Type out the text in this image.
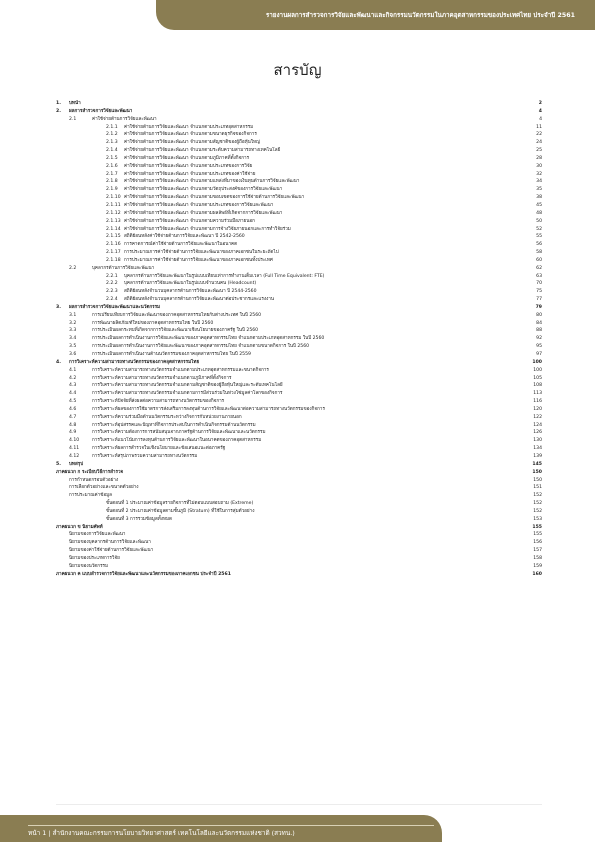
รายงานผลการสำรวจการวิจัยและพัฒนาและกิจกรรมนวัตกรรมในภาคอุตสาหกรรมของประเทศไทย ประจำปี 2561
สารบัญ
1. บทนำ	2
2. ผลการสำรวจการวิจัยและพัฒนา	4
2.1	ค่าใช้จ่ายด้านการวิจัยและพัฒนา	4
2.1.1 ค่าใช้จ่ายด้านการวิจัยและพัฒนา จำแนกตามประเภทอุตสาหกรรม	11
2.1.2 ค่าใช้จ่ายด้านการวิจัยและพัฒนา จำแนกตามขนาดธุรกิจของกิจการ	22
2.1.3 ค่าใช้จ่ายด้านการวิจัยและพัฒนา จำแนกตามสัญชาติของผู้ถือหุ้นใหญ่	24
2.1.4 ค่าใช้จ่ายด้านการวิจัยและพัฒนา จำแนกตามระดับความสามารถทางเทคโนโลยี	25
2.1.5 ค่าใช้จ่ายด้านการวิจัยและพัฒนา จำแนกตามภูมิภาคที่ตั้งกิจการ	28
2.1.6 ค่าใช้จ่ายด้านการวิจัยและพัฒนา จำแนกตามประเภทของการวิจัย	30
2.1.7 ค่าใช้จ่ายด้านการวิจัยและพัฒนา จำแนกตามประเภทของค่าใช้จ่าย	32
2.1.8 ค่าใช้จ่ายด้านการวิจัยและพัฒนา จำแนกตามแหล่งที่มาของเงินทุนด้านการวิจัยและพัฒนา	34
2.1.9 ค่าใช้จ่ายด้านการวิจัยและพัฒนา จำแนกตามวัตถุประสงค์ของการวิจัยและพัฒนา	35
2.1.10 ค่าใช้จ่ายด้านการวิจัยและพัฒนา จำแนกตามขอบเขตของการใช้จ่ายด้านการวิจัยและพัฒนา	38
2.1.11 ค่าใช้จ่ายด้านการวิจัยและพัฒนา จำแนกตามประเภทของการวิจัยและพัฒนา	45
2.1.12 ค่าใช้จ่ายด้านการวิจัยและพัฒนา จำแนกตามผลลัพธ์ที่เกิดจากการวิจัยและพัฒนา	48
2.1.13 ค่าใช้จ่ายด้านการวิจัยและพัฒนา จำแนกตามความร่วมมือภายนอก	50
2.1.14 ค่าใช้จ่ายด้านการวิจัยและพัฒนา จำแนกตามการจ้างวิจัยภายนอกและการทำวิจัยร่วม	52
2.1.15 สถิติย้อนหลังค่าใช้จ่ายด้านการวิจัยและพัฒนา ปี 2542-2560	55
2.1.16 การคาดการณ์ค่าใช้จ่ายด้านการวิจัยและพัฒนาในอนาคต	56
2.1.17 การประมาณการค่าใช้จ่ายด้านการวิจัยและพัฒนาของภาคเอกชนในระยะถัดไป	58
2.1.18 การประมาณการค่าใช้จ่ายด้านการวิจัยและพัฒนาของภาคเอกชนทั้งประเทศ	60
2.2	บุคลากรด้านการวิจัยและพัฒนา	62
2.2.1 บุคลากรด้านการวิจัยและพัฒนาในรูปแบบเทียบเท่าการทำงานเต็มเวลา (Full Time Equivalent: FTE)	63
2.2.2 บุคลากรด้านการวิจัยและพัฒนาในรูปแบบจำนวนคน (Headcount)	70
2.2.3 สถิติย้อนหลังจำนวนบุคลากรด้านการวิจัยและพัฒนา ปี 2544-2560	75
2.2.4 สถิติย้อนหลังจำนวนบุคลากรด้านการวิจัยและพัฒนาต่อประชากรและแรงงาน	77
3. ผลการสำรวจการวิจัยและพัฒนาและนวัตกรรม	79
3.1	การเปรียบเทียบการวิจัยและพัฒนาของภาคอุตสาหกรรมไทยกับต่างประเทศ ในปี 2560	80
3.2	การพัฒนาผลิตภัณฑ์ใหม่ของภาคอุตสาหกรรมไทย ในปี 2560	84
3.3	การประเมินผลกระทบที่เกิดจากการวิจัยและพัฒนาเชิงนโยบายของภาครัฐ ในปี 2560	88
3.4	การประเมินผลการดำเนินงานการวิจัยและพัฒนาของภาคอุตสาหกรรมไทย จำแนกตามประเภทอุตสาหกรรม ในปี 2560	92
3.5	การประเมินผลการดำเนินงานการวิจัยและพัฒนาของภาคอุตสาหกรรมไทย จำแนกตามขนาดกิจการ ในปี 2560	95
3.6	การประเมินผลการดำเนินงานด้านนวัตกรรมของภาคอุตสาหกรรมไทย ในปี 2559	97
4. การวิเคราะห์ความสามารถทางนวัตกรรมของภาคอุตสาหกรรมไทย	100
4.1	การวิเคราะห์ความสามารถทางนวัตกรรมจำแนกตามประเภทอุตสาหกรรมและขนาดกิจการ	100
4.2	การวิเคราะห์ความสามารถทางนวัตกรรมจำแนกตามภูมิภาคที่ตั้งกิจการ	105
4.3	การวิเคราะห์ความสามารถทางนวัตกรรมจำแนกตามสัญชาติของผู้ถือหุ้นใหญ่และระดับเทคโนโลยี	108
4.4	การวิเคราะห์ความสามารถทางนวัตกรรมจำแนกตามการมีส่วนร่วมในห่วงโซ่มูลค่าโลกของกิจการ	113
4.5	การวิเคราะห์ปัจจัยที่ส่งผลต่อความสามารถทางนวัตกรรมของกิจการ	116
4.6	การวิเคราะห์ผลของการใช้มาตรการส่งเสริมการลงทุนด้านการวิจัยและพัฒนาต่อความสามารถทางนวัตกรรมของกิจการ	120
4.7	การวิเคราะห์ความร่วมมือด้านนวัตกรรมระหว่างกิจการกับหน่วยงานภายนอก	122
4.8	การวิเคราะห์อุปสรรคและปัญหาที่กิจการประสบในการดำเนินกิจกรรมด้านนวัตกรรม	124
4.9	การวิเคราะห์ความต้องการการสนับสนุนจากภาครัฐด้านการวิจัยและพัฒนาและนวัตกรรม	126
4.10	การวิเคราะห์แนวโน้มการลงทุนด้านการวิจัยและพัฒนาในอนาคตของภาคอุตสาหกรรม	130
4.11	การวิเคราะห์ผลการสำรวจในเชิงนโยบายและข้อเสนอแนะต่อภาครัฐ	134
4.12	การวิเคราะห์สรุปภาพรวมความสามารถทางนวัตกรรม	139
5. บทสรุป	145
ภาคผนวก ก ระเบียบวิธีการสำรวจ	150
การกำหนดกรอบตัวอย่าง	150
การเลือกตัวอย่างและขนาดตัวอย่าง	151
การประมาณค่าข้อมูล	152
ขั้นตอนที่ 1 ประมาณค่าข้อมูลรายกิจการที่ไม่ตอบแบบสอบถาม (Extreme)	152
ขั้นตอนที่ 2 ประมาณค่าข้อมูลตามชั้นภูมิ (Stratum) ที่ใช้ในการสุ่มตัวอย่าง	152
ขั้นตอนที่ 3 การรวมข้อมูลทั้งหมด	153
ภาคผนวก ข นิยามศัพท์	155
นิยามของการวิจัยและพัฒนา	155
นิยามของบุคลากรด้านการวิจัยและพัฒนา	156
นิยามของค่าใช้จ่ายด้านการวิจัยและพัฒนา	157
นิยามของประเภทการวิจัย	158
นิยามของนวัตกรรม	159
ภาคผนวก ค แบบสำรวจการวิจัยและพัฒนาและนวัตกรรมของภาคเอกชน ประจำปี 2561	160
หน้า 1 | สำนักงานคณะกรรมการนโยบายวิทยาศาสตร์ เทคโนโลยีและนวัตกรรมแห่งชาติ (สวทน.)
